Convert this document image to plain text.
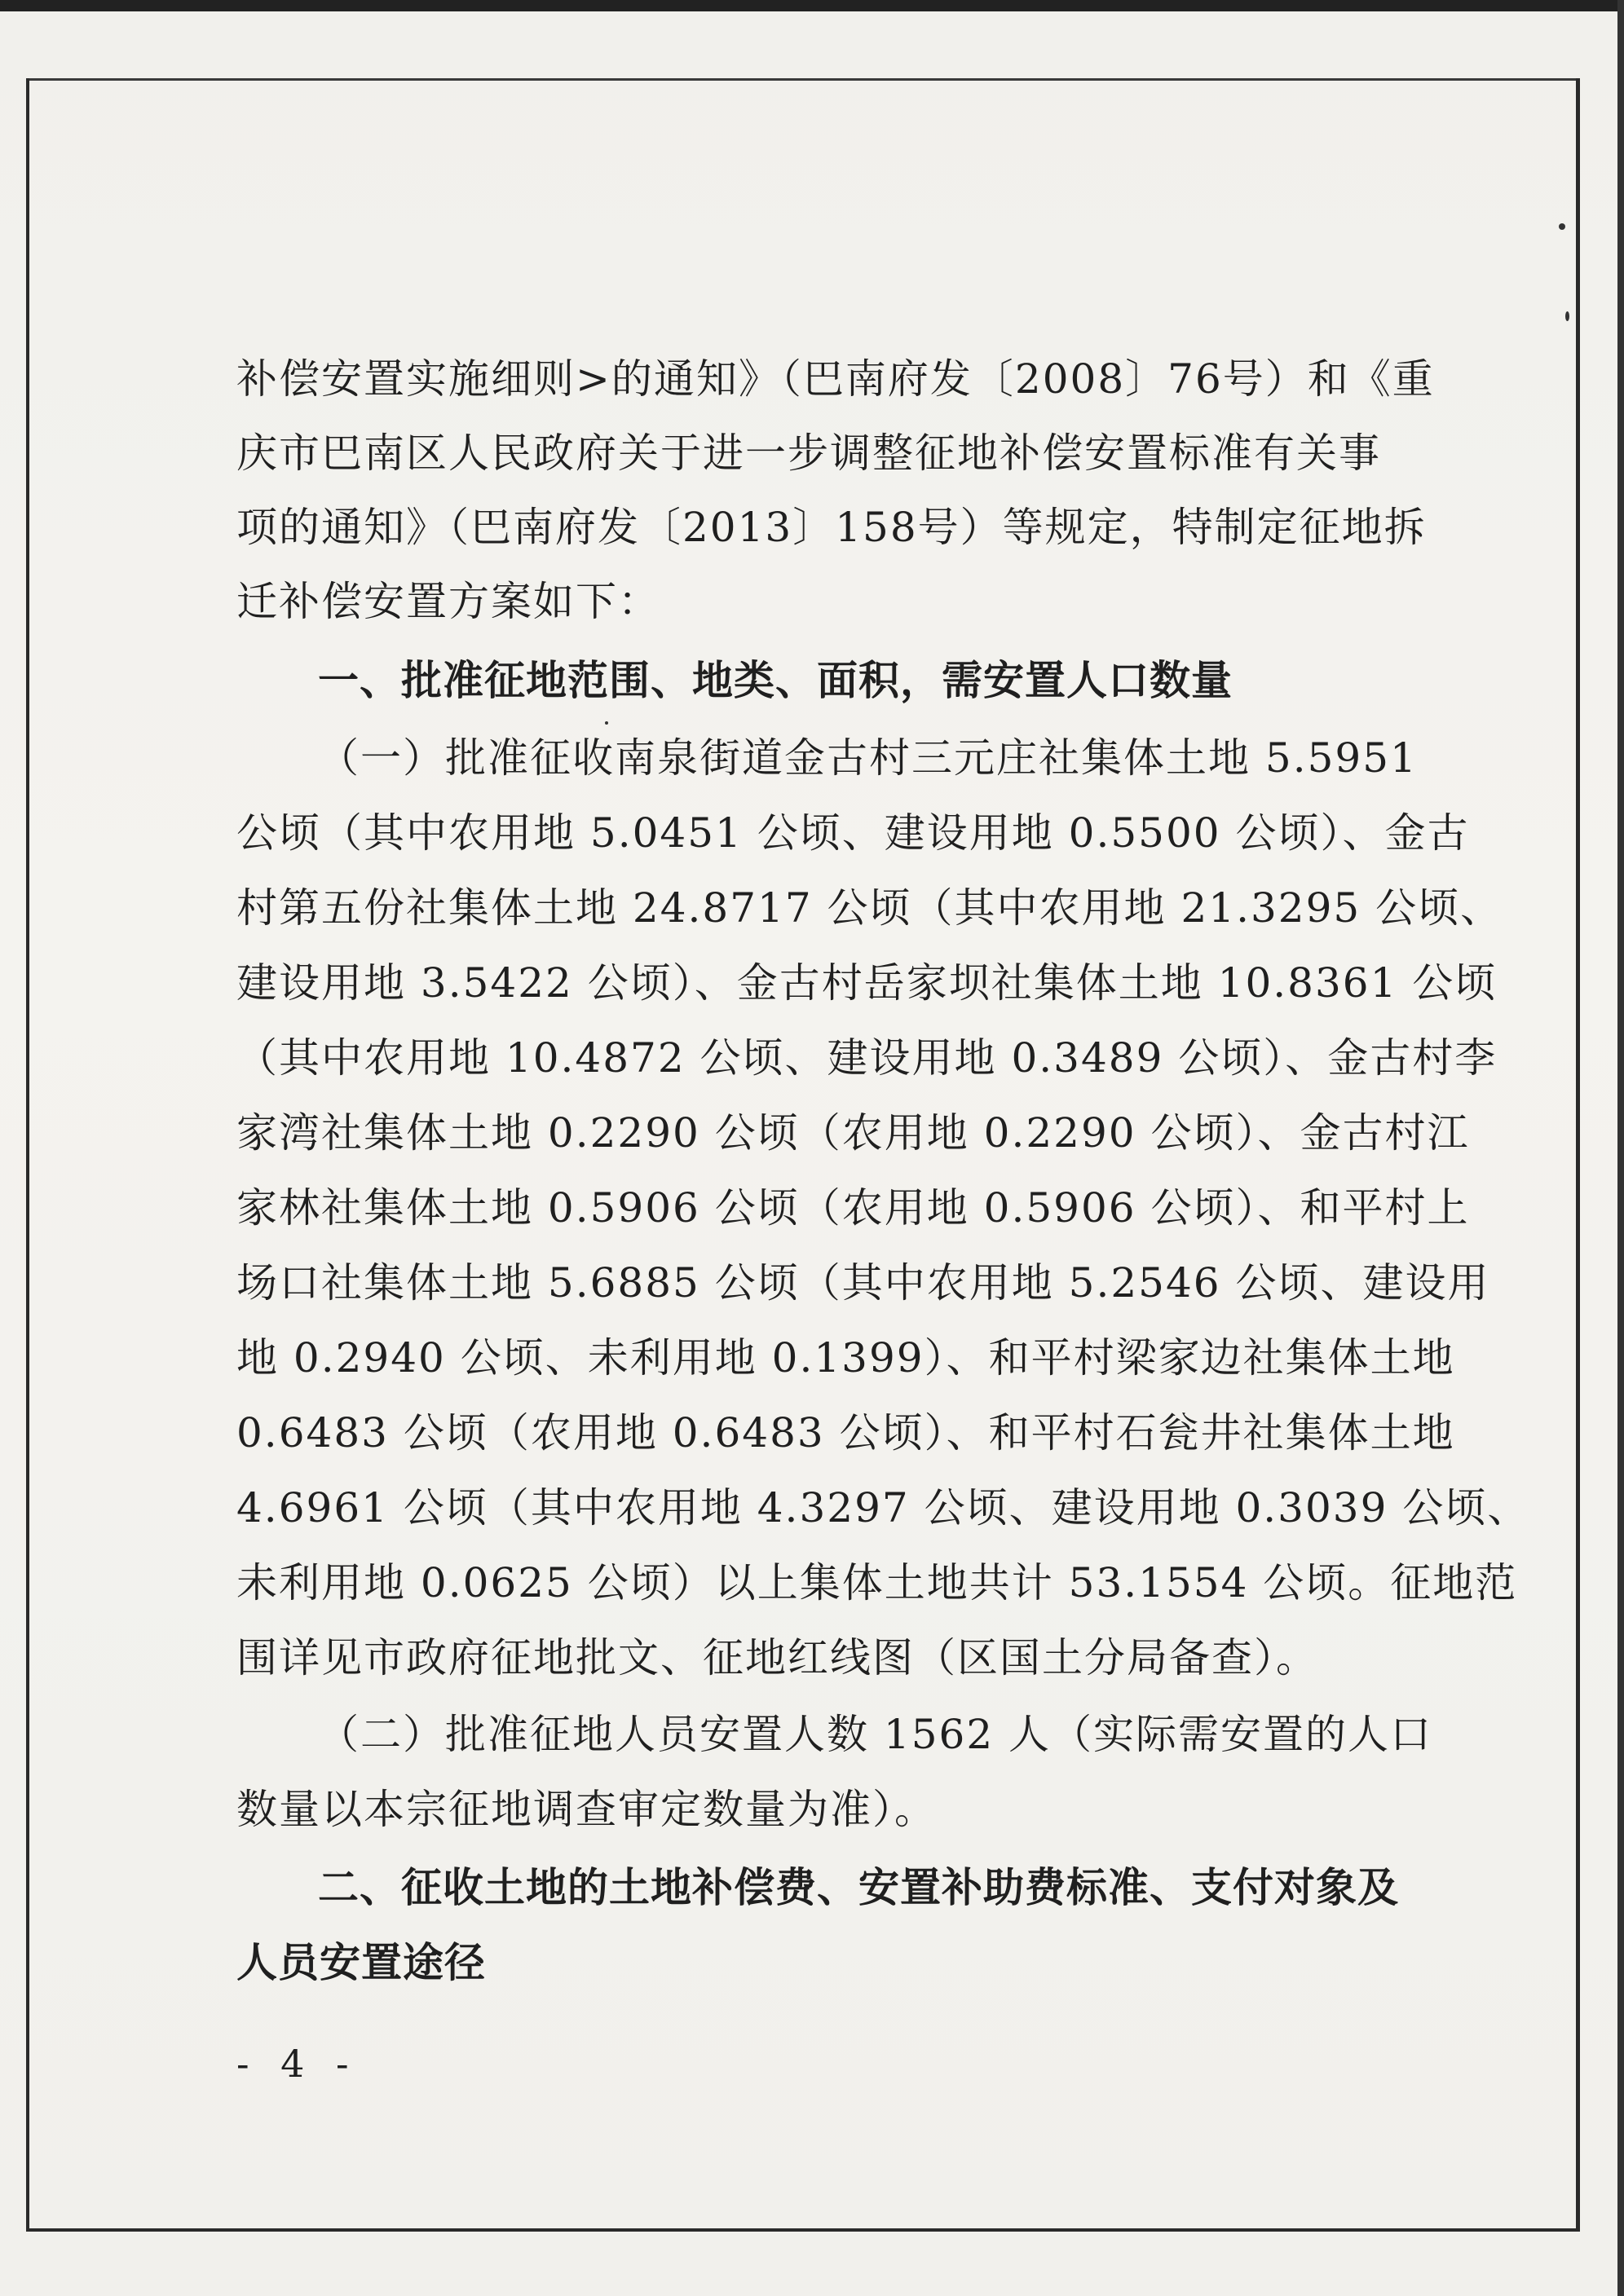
补偿安置实施细则>的通知》（巴南府发〔2008〕76号）和《重
庆市巴南区人民政府关于进一步调整征地补偿安置标准有关事
项的通知》（巴南府发〔2013〕158号）等规定，特制定征地拆
迁补偿安置方案如下：
一、批准征地范围、地类、面积，需安置人口数量
（一）批准征收南泉街道金古村三元庄社集体土地 5.5951
公顷（其中农用地 5.0451 公顷、建设用地 0.5500 公顷）、金古
村第五份社集体土地 24.8717 公顷（其中农用地 21.3295 公顷、
建设用地 3.5422 公顷）、金古村岳家坝社集体土地 10.8361 公顷
（其中农用地 10.4872 公顷、建设用地 0.3489 公顷）、金古村李
家湾社集体土地 0.2290 公顷（农用地 0.2290 公顷）、金古村江
家林社集体土地 0.5906 公顷（农用地 0.5906 公顷）、和平村上
场口社集体土地 5.6885 公顷（其中农用地 5.2546 公顷、建设用
地 0.2940 公顷、未利用地 0.1399）、和平村梁家边社集体土地
0.6483 公顷（农用地 0.6483 公顷）、和平村石瓮井社集体土地
4.6961 公顷（其中农用地 4.3297 公顷、建设用地 0.3039 公顷、
未利用地 0.0625 公顷）以上集体土地共计 53.1554 公顷。征地范
围详见市政府征地批文、征地红线图（区国土分局备查）。
（二）批准征地人员安置人数 1562 人（实际需安置的人口
数量以本宗征地调查审定数量为准）。
二、征收土地的土地补偿费、安置补助费标准、支付对象及
人员安置途径
- 4 -
